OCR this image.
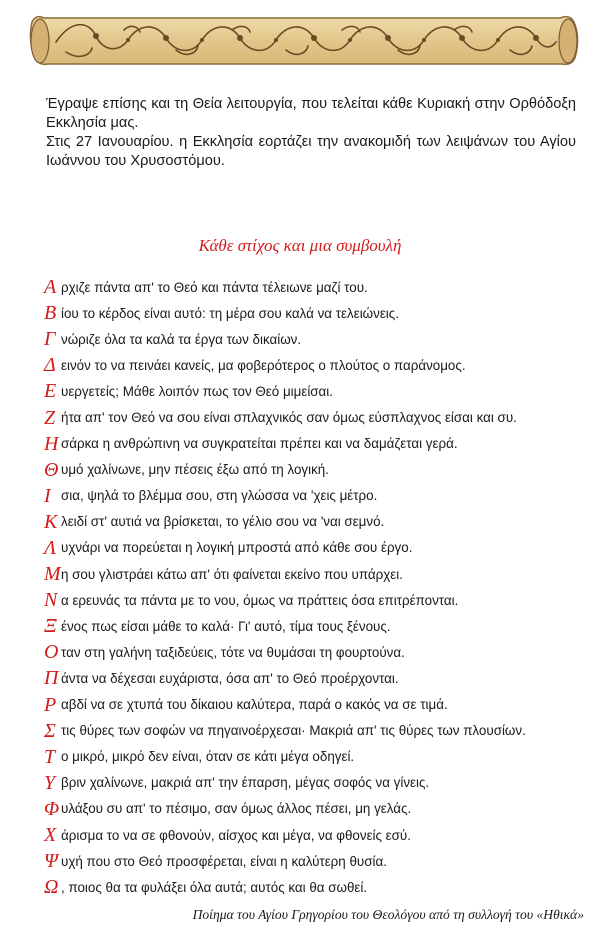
Έγραψε επίσης και τη Θεία λειτουργία, που τελείται κάθε Κυριακή στην Ορθόδοξη Εκκλησία μας.

Στις 27 Ιανουαρίου. η Εκκλησία εορτάζει την ανακομιδή των λειψάνων του Αγίου Ιωάννου του Χρυσοστόμου.

Κάθε στίχος και μια συμβουλή
Α ρχιζε πάντα απ' το Θεό και πάντα τέλειωνε μαζί του.
Β ίου το κέρδος είναι αυτό: τη μέρα σου καλά να τελειώνεις.
Γ νώριζε όλα τα καλά τα έργα των δικαίων.
Δ εινόν το να πεινάει κανείς, μα φοβερότερος ο πλούτος ο παράνομος.
Ε υεργετείς; Μάθε λοιπόν πως τον Θεό μιμείσαι.
Ζ ήτα απ' τον Θεό να σου είναι σπλαχνικός σαν όμως εύσπλαχνος είσαι και συ.
Η σάρκα η ανθρώπινη να συγκρατείται πρέπει και να δαμάζεται γερά.
Θ υμό χαλίνωνε, μην πέσεις έξω από τη λογική.
Ι σια, ψηλά το βλέμμα σου, στη γλώσσα να 'χεις μέτρο.
Κ λειδί στ' αυτιά να βρίσκεται, το γέλιο σου να 'ναι σεμνό.
Λ υχνάρι να πορεύεται η λογική μπροστά από κάθε σου έργο.
Μ η σου γλιστράει κάτω απ' ότι φαίνεται εκείνο που υπάρχει.
Ν α ερευνάς τα πάντα με το νου, όμως να πράττεις όσα επιτρέπονται.
Ξ ένος πως είσαι μάθε το καλά· Γι' αυτό, τίμα τους ξένους.
Ο ταν στη γαλήνη ταξιδεύεις, τότε να θυμάσαι τη φουρτούνα.
Π άντα να δέχεσαι ευχάριστα, όσα απ' το Θεό προέρχονται.
Ρ αβδί να σε χτυπά του δίκαιου καλύτερα, παρά ο κακός να σε τιμά.
Σ τις θύρες των σοφών να πηγαινοέρχεσαι· Μακριά απ' τις θύρες των πλουσίων.
Τ ο μικρό, μικρό δεν είναι, όταν σε κάτι μέγα οδηγεί.
Υ βριν χαλίνωνε, μακριά απ' την έπαρση, μέγας σοφός να γίνεις.
Φ υλάξου συ απ' το πέσιμο, σαν όμως άλλος πέσει, μη γελάς.
Χ άρισμα το να σε φθονούν, αίσχος και μέγα, να φθονείς εσύ.
Ψ υχή που στο Θεό προσφέρεται, είναι η καλύτερη θυσία.
Ω , ποιος θα τα φυλάξει όλα αυτά; αυτός και θα σωθεί.
Ποίημα του Αγίου Γρηγορίου του Θεολόγου από τη συλλογή του «Ηθικά»
